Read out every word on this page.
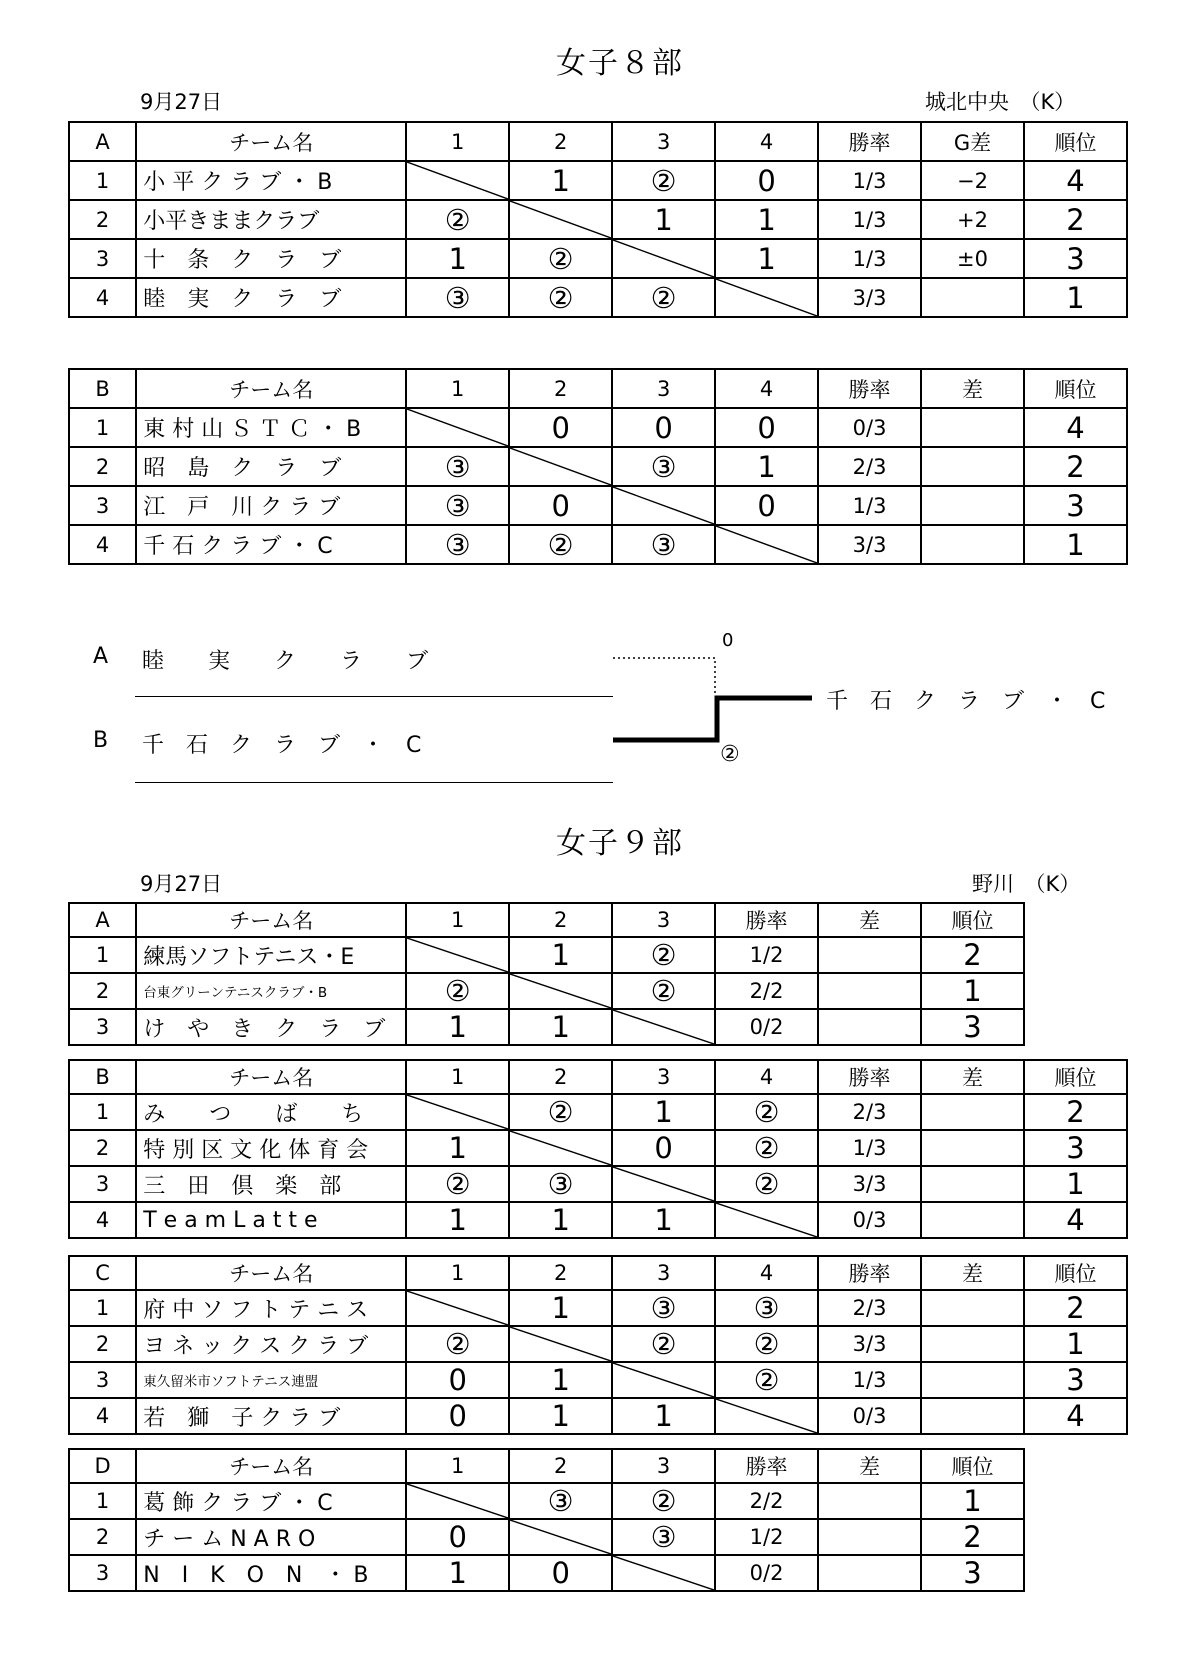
女子８部
9月27日	城北中央　（K）
A	チーム名	1	2	3	4	勝率	G差	順位
1	小 平 ク ラ ブ ・ B		1	②	0	1/3	−2	4
2	小平きままクラブ	②		1	1	1/3	+2	2
3	十　条　ク　ラ　ブ	1	②		1	1/3	±0	3
4	睦　実　ク　ラ　ブ	③	②	②		3/3		1
B	チーム名	1	2	3	4	勝率	差	順位
1	東 村 山 Ｓ Ｔ Ｃ ・ B		0	0	0	0/3		4
2	昭　島　ク　ラ　ブ	③		③	1	2/3		2
3	江　戸　川 ク ラ ブ	③	0		0	1/3		3
4	千 石 ク ラ ブ ・ C	③	②	③		3/3		1
A 睦　　実　　ク　　ラ　　ブ
B 千　石　ク　ラ　ブ　・　C
0
②
千　石　ク　ラ　ブ　・　C
女子９部
9月27日	野川　（K）
A	チーム名	1	2	3	勝率	差	順位
1	練馬ソフトテニス・E		1	②	1/2		2
2	台東グリーンテニスクラブ・B	②		②	2/2		1
3	け　や　き　ク　ラ　ブ	1	1		0/2		3
B	チーム名	1	2	3	4	勝率	差	順位
1	み　　つ　　ば　　ち		②	1	②	2/3		2
2	特 別 区 文 化 体 育 会	1		0	②	1/3		3
3	三　田　倶　楽　部	②	③		②	3/3		1
4	T e a m L a t t e	1	1	1		0/3		4
C	チーム名	1	2	3	4	勝率	差	順位
1	府 中 ソ フ ト テ ニ ス		1	③	③	2/3		2
2	ヨ ネ ッ ク ス ク ラ ブ	②		②	②	3/3		1
3	東久留米市ソフトテニス連盟	0	1		②	1/3		3
4	若　獅　子 ク ラ ブ	0	1	1		0/3		4
D	チーム名	1	2	3	勝率	差	順位
1	葛 飾 ク ラ ブ ・ C		③	②	2/2		1
2	チ ー ム N A R O	0		③	1/2		2
3	N　I　K　O　N　・ B	1	0		0/2		3
